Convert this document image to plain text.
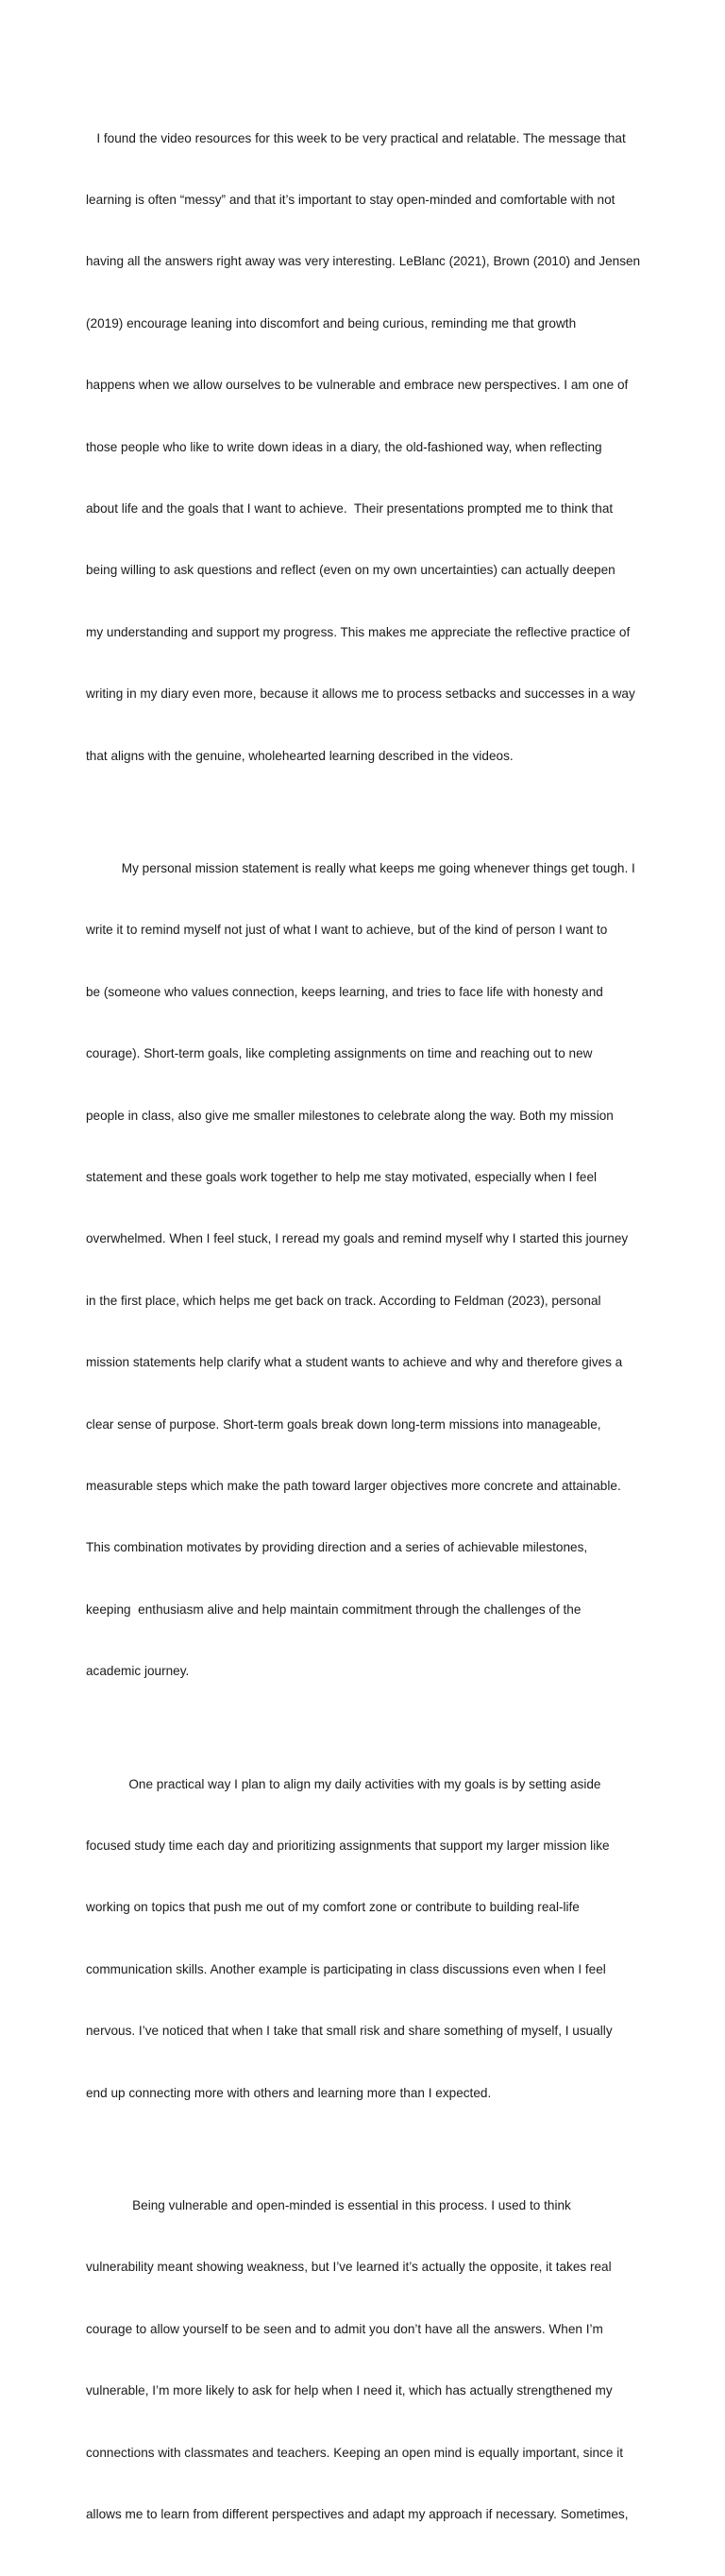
I found the video resources for this week to be very practical and relatable. The message that

learning is often “messy” and that it’s important to stay open-minded and comfortable with not

having all the answers right away was very interesting. LeBlanc (2021), Brown (2010) and Jensen

(2019) encourage leaning into discomfort and being curious, reminding me that growth

happens when we allow ourselves to be vulnerable and embrace new perspectives. I am one of

those people who like to write down ideas in a diary, the old-fashioned way, when reflecting

about life and the goals that I want to achieve.  Their presentations prompted me to think that

being willing to ask questions and reflect (even on my own uncertainties) can actually deepen

my understanding and support my progress. This makes me appreciate the reflective practice of

writing in my diary even more, because it allows me to process setbacks and successes in a way

that aligns with the genuine, wholehearted learning described in the videos.

My personal mission statement is really what keeps me going whenever things get tough. I

write it to remind myself not just of what I want to achieve, but of the kind of person I want to

be (someone who values connection, keeps learning, and tries to face life with honesty and

courage). Short-term goals, like completing assignments on time and reaching out to new

people in class, also give me smaller milestones to celebrate along the way. Both my mission

statement and these goals work together to help me stay motivated, especially when I feel

overwhelmed. When I feel stuck, I reread my goals and remind myself why I started this journey

in the first place, which helps me get back on track. According to Feldman (2023), personal

mission statements help clarify what a student wants to achieve and why and therefore gives a

clear sense of purpose. Short-term goals break down long-term missions into manageable,

measurable steps which make the path toward larger objectives more concrete and attainable.

This combination motivates by providing direction and a series of achievable milestones,

keeping  enthusiasm alive and help maintain commitment through the challenges of the

academic journey.

One practical way I plan to align my daily activities with my goals is by setting aside

focused study time each day and prioritizing assignments that support my larger mission like

working on topics that push me out of my comfort zone or contribute to building real-life

communication skills. Another example is participating in class discussions even when I feel

nervous. I’ve noticed that when I take that small risk and share something of myself, I usually

end up connecting more with others and learning more than I expected.

Being vulnerable and open-minded is essential in this process. I used to think

vulnerability meant showing weakness, but I’ve learned it’s actually the opposite, it takes real

courage to allow yourself to be seen and to admit you don’t have all the answers. When I’m

vulnerable, I’m more likely to ask for help when I need it, which has actually strengthened my

connections with classmates and teachers. Keeping an open mind is equally important, since it

allows me to learn from different perspectives and adapt my approach if necessary. Sometimes,
